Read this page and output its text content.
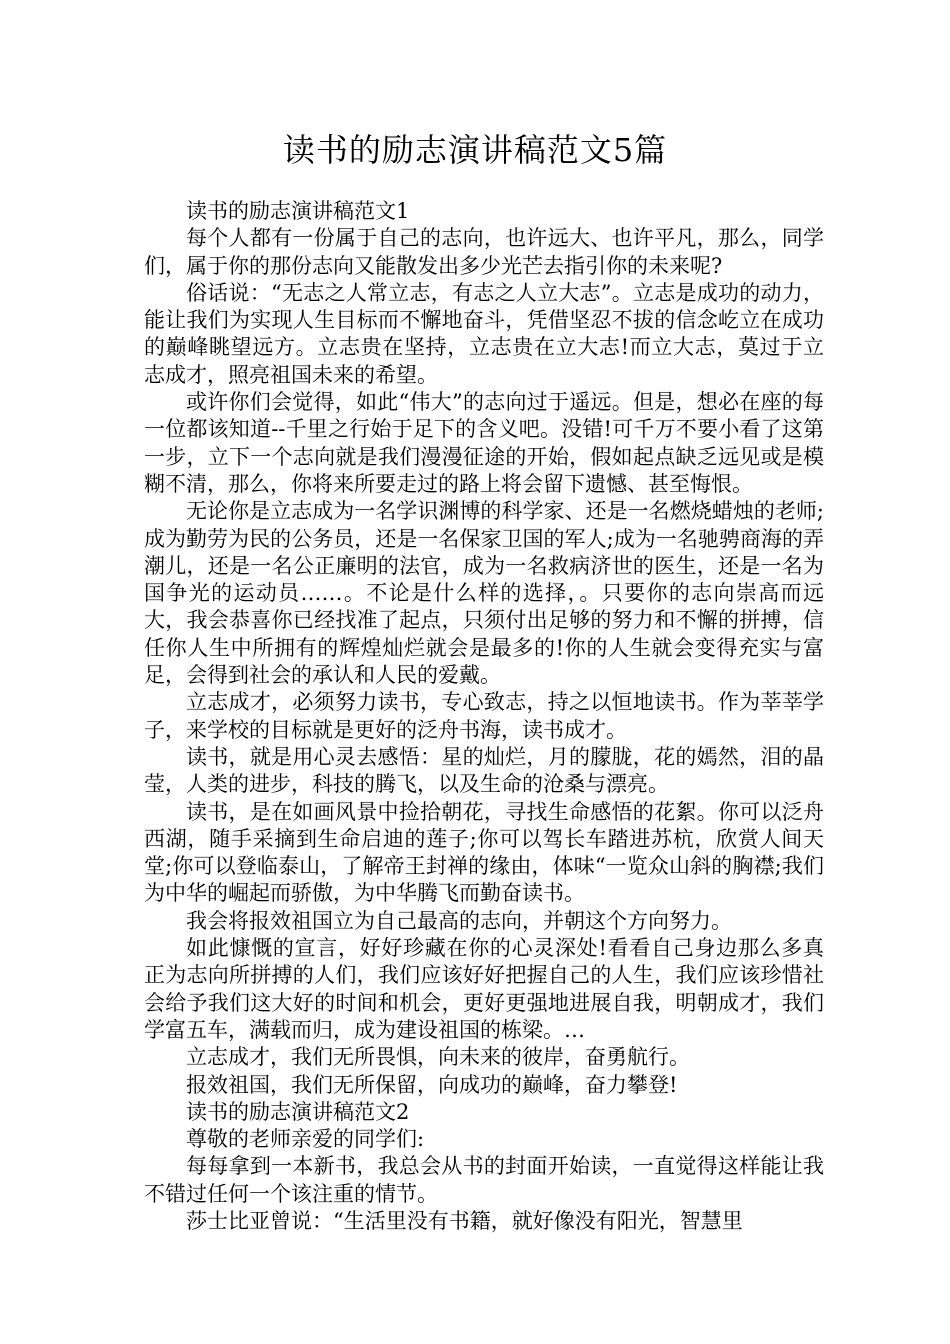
读书的励志演讲稿范文5篇

读书的励志演讲稿范文1

每个人都有一份属于自己的志向，也许远大、也许平凡，那么，同学们，属于你的那份志向又能散发出多少光芒去指引你的未来呢?

俗话说：“无志之人常立志，有志之人立大志”。立志是成功的动力，能让我们为实现人生目标而不懈地奋斗，凭借坚忍不拔的信念屹立在成功的巅峰眺望远方。立志贵在坚持，立志贵在立大志!而立大志，莫过于立志成才，照亮祖国未来的希望。

或许你们会觉得，如此“伟大”的志向过于遥远。但是，想必在座的每一位都该知道--千里之行始于足下的含义吧。没错!可千万不要小看了这第一步，立下一个志向就是我们漫漫征途的开始，假如起点缺乏远见或是模糊不清，那么，你将来所要走过的路上将会留下遗憾、甚至悔恨。

无论你是立志成为一名学识渊博的科学家、还是一名燃烧蜡烛的老师;成为勤劳为民的公务员，还是一名保家卫国的军人;成为一名驰骋商海的弄潮儿，还是一名公正廉明的法官，成为一名救病济世的医生，还是一名为国争光的运动员……。不论是什么样的选择，。只要你的志向崇高而远大，我会恭喜你已经找准了起点，只须付出足够的努力和不懈的拼搏，信任你人生中所拥有的辉煌灿烂就会是最多的!你的人生就会变得充实与富足，会得到社会的承认和人民的爱戴。

立志成才，必须努力读书，专心致志，持之以恒地读书。作为莘莘学子，来学校的目标就是更好的泛舟书海，读书成才。

读书，就是用心灵去感悟：星的灿烂，月的朦胧，花的嫣然，泪的晶莹，人类的进步，科技的腾飞，以及生命的沧桑与漂亮。

读书，是在如画风景中捡拾朝花，寻找生命感悟的花絮。你可以泛舟西湖，随手采摘到生命启迪的莲子;你可以驾长车踏进苏杭，欣赏人间天堂;你可以登临泰山，了解帝王封禅的缘由，体味“一览众山斜的胸襟;我们为中华的崛起而骄傲，为中华腾飞而勤奋读书。

我会将报效祖国立为自己最高的志向，并朝这个方向努力。

如此慷慨的宣言，好好珍藏在你的心灵深处!看看自己身边那么多真正为志向所拼搏的人们，我们应该好好把握自己的人生，我们应该珍惜社会给予我们这大好的时间和机会，更好更强地进展自我，明朝成才，我们学富五车，满载而归，成为建设祖国的栋梁。…

立志成才，我们无所畏惧，向未来的彼岸，奋勇航行。

报效祖国，我们无所保留，向成功的巅峰，奋力攀登!

读书的励志演讲稿范文2

尊敬的老师亲爱的同学们:

每每拿到一本新书，我总会从书的封面开始读，一直觉得这样能让我不错过任何一个该注重的情节。

莎士比亚曾说：“生活里没有书籍，就好像没有阳光，智慧里
